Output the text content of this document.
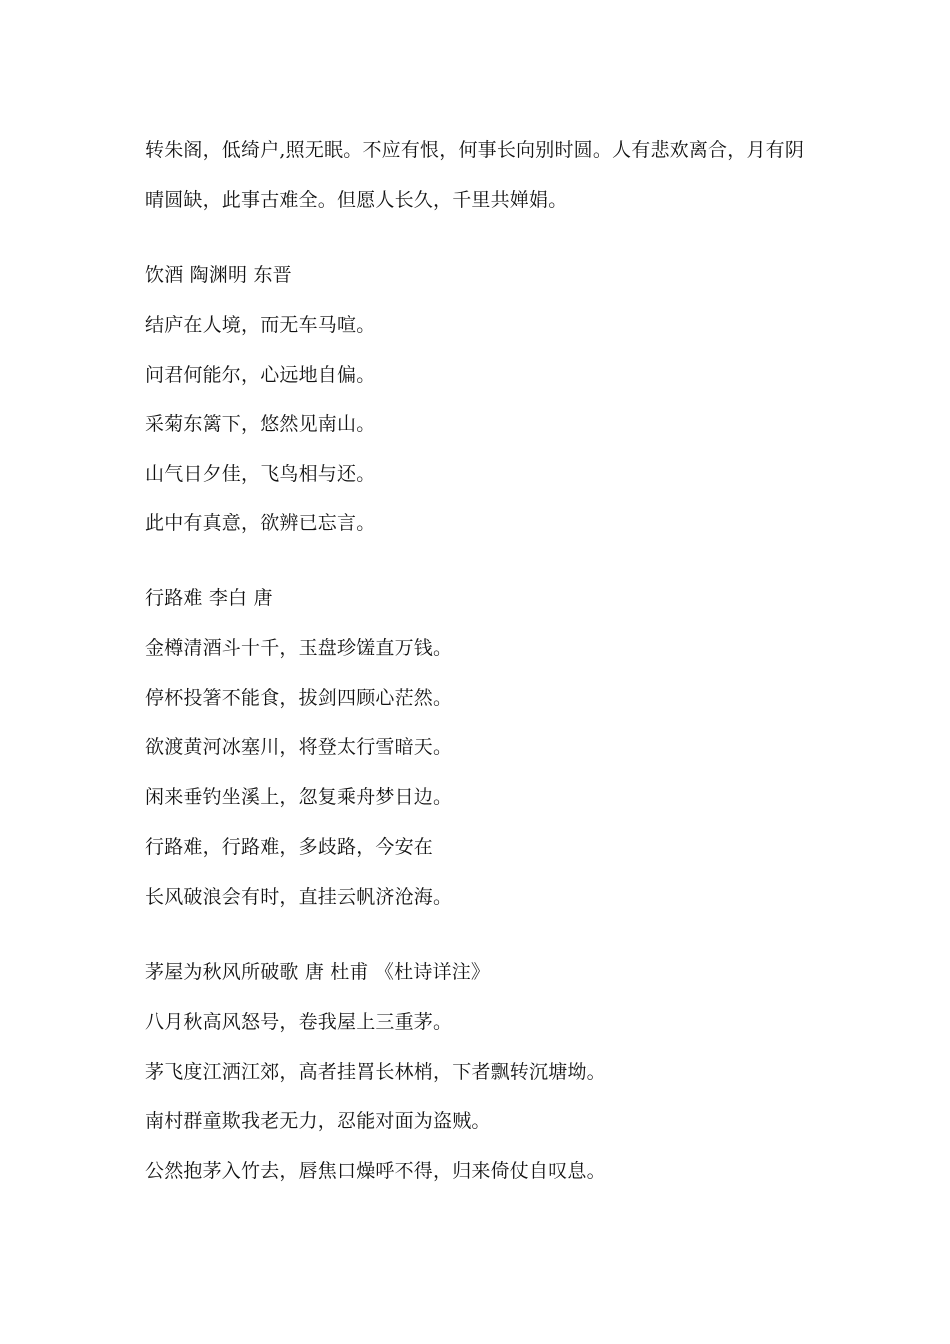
转朱阁，低绮户,照无眠。不应有恨，何事长向别时圆。人有悲欢离合，月有阴
晴圆缺，此事古难全。但愿人长久，千里共婵娟。
饮酒 陶渊明 东晋
结庐在人境，而无车马喧。
问君何能尔，心远地自偏。
采菊东篱下，悠然见南山。
山气日夕佳，飞鸟相与还。
此中有真意，欲辨已忘言。
行路难 李白 唐
金樽清酒斗十千，玉盘珍馐直万钱。
停杯投箸不能食，拔剑四顾心茫然。
欲渡黄河冰塞川，将登太行雪暗天。
闲来垂钓坐溪上，忽复乘舟梦日边。
行路难，行路难，多歧路，今安在
长风破浪会有时，直挂云帆济沧海。
茅屋为秋风所破歌 唐 杜甫 《杜诗详注》
八月秋高风怒号，卷我屋上三重茅。
茅飞度江洒江郊，高者挂罥长林梢，下者飘转沉塘坳。
南村群童欺我老无力，忍能对面为盗贼。
公然抱茅入竹去，唇焦口燥呼不得，归来倚仗自叹息。
